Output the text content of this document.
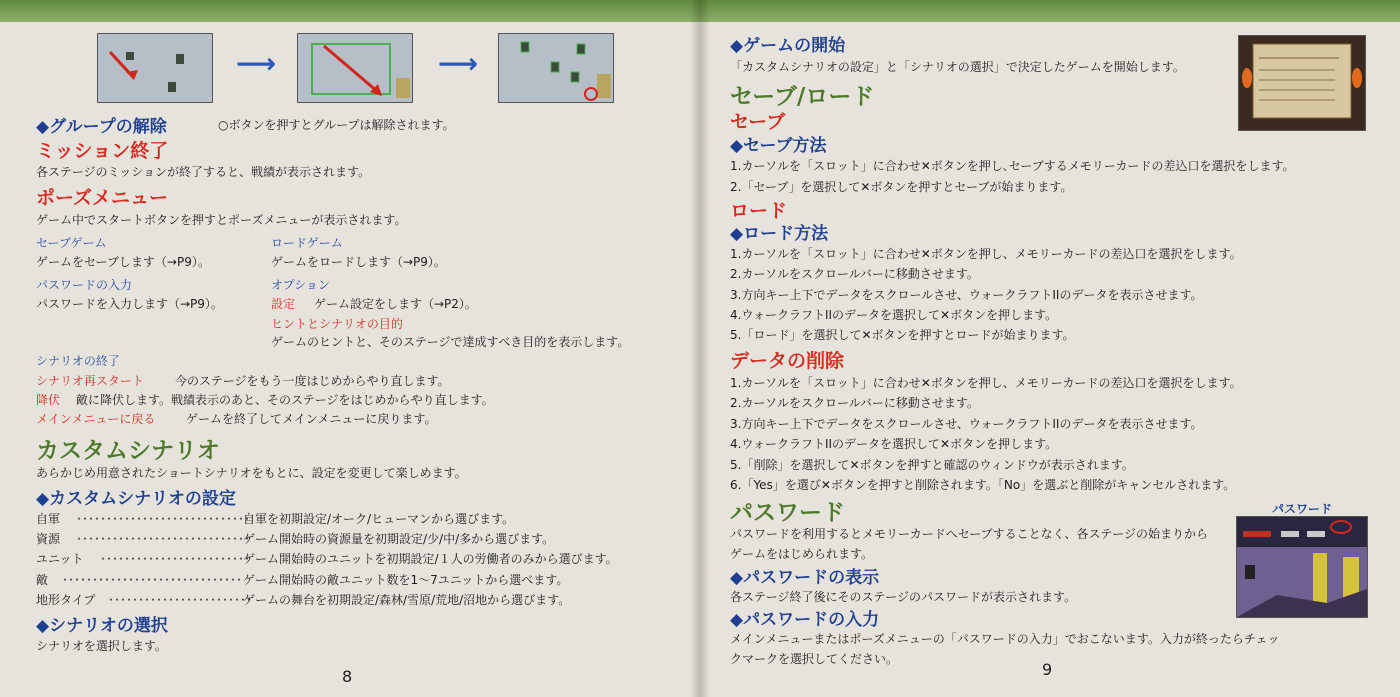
⟶	⟶
◆グループの解除	○ボタンを押すとグループは解除されます。
ミッション終了
各ステージのミッションが終了すると、戦績が表示されます。
ポーズメニュー
ゲーム中でスタートボタンを押すとポーズメニューが表示されます。
セーブゲーム
ゲームをセーブします（→P9）。
ロードゲーム
ゲームをロードします（→P9）。
パスワードの入力
パスワードを入力します（→P9）。
オプション
設定 ゲーム設定をします（→P2）。
ヒントとシナリオの目的
ゲームのヒントと、そのステージで達成すべき目的を表示します。
シナリオの終了
シナリオ再スタート	今のステージをもう一度はじめからやり直します。
降伏 敵に降伏します。戦績表示のあと、そのステージをはじめからやり直します。
メインメニューに戻る	ゲームを終了してメインメニューに戻ります。
カスタムシナリオ
あらかじめ用意されたショートシナリオをもとに、設定を変更して楽しめます。
◆カスタムシナリオの設定
自軍 ･････････････････････････････
自軍を初期設定/オーク/ヒューマンから選びます。
資源 ･････････････････････････････
ゲーム開始時の資源量を初期設定/少/中/多から選びます。
ユニット ･････････････････････････
ゲーム開始時のユニットを初期設定/１人の労働者のみから選びます。
敵 ･･････････････････････････････ ゲーム開始時の敵ユニット数を1〜7ユニットから選べます。
地形タイプ ････････････････････････
ゲームの舞台を初期設定/森林/雪原/荒地/沼地から選びます。
◆シナリオの選択
シナリオを選択します。
8
◆ゲームの開始
「カスタムシナリオの設定」と「シナリオの選択」で決定したゲームを開始します。
セーブ/ロード
セーブ
◆セーブ方法
1.カーソルを「スロット」に合わせ✕ボタンを押し､セーブするメモリーカードの差込口を選択をします。
2.「セーブ」を選択して✕ボタンを押すとセーブが始まります。
ロード
◆ロード方法
1.カーソルを「スロット」に合わせ✕ボタンを押し、メモリーカードの差込口を選択をします。
2.カーソルをスクロールバーに移動させます。
3.方向キー上下でデータをスクロールさせ、ウォークラフトIIのデータを表示させます。
4.ウォークラフトIIのデータを選択して✕ボタンを押します。
5.「ロード」を選択して✕ボタンを押すとロードが始まります。
データの削除
1.カーソルを「スロット」に合わせ✕ボタンを押し、メモリーカードの差込口を選択をします。
2.カーソルをスクロールバーに移動させます。
3.方向キー上下でデータをスクロールさせ、ウォークラフトIIのデータを表示させます。
4.ウォークラフトIIのデータを選択して✕ボタンを押します。
5.「削除」を選択して✕ボタンを押すと確認のウィンドウが表示されます。
6.「Yes」を選び✕ボタンを押すと削除されます。「No」を選ぶと削除がキャンセルされます。
パスワード
パスワードを利用するとメモリーカードへセーブすることなく、各ステージの始まりから
ゲームをはじめられます。
◆パスワードの表示
各ステージ終了後にそのステージのパスワードが表示されます。
◆パスワードの入力
メインメニューまたはポーズメニューの「パスワードの入力」でおこないます。入力が終ったらチェッ
クマークを選択してください。
パスワード
9
